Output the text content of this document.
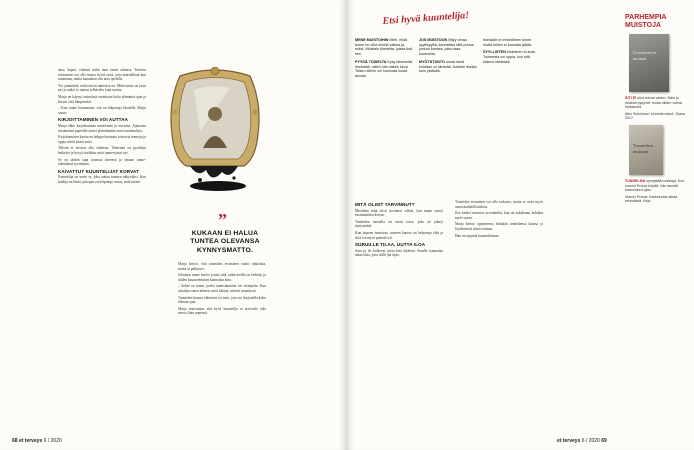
naru, hapeä, vihaistä mikä muu tunne tahansa. Tunteen etsimiseen voi olla monia hyviä syitä, joita muistellaan kun tunnetaan, mutta kannattaa silti aina opetella.

Voi ymmärtää, mikä niissä tunteissa on. Mikä tunne on juuri nyt ja miksi se tuntuu sellaiselta kuin tuntuu.

Marja on käynyt etsimässä tunteitaan koko elämänsä ajan ja kertoo siitä lämpimästi.

– Kun tunne huomataan, sitä on helpompi käsitellä, Marja sanoo.

KIRJOITTAMINEN VOI AUTTAA

Marja alkoi kirjoittamaan tunteistaan jo nuorena. Ajatusten siirtäminen paperille auttoi jäsentämään omia tuntemuksia.

Kirjoittamisen kautta on helppo huomata toistuvia teemoja ja oppia niistä jotain uutta.

Tekstin ei tarvitse olla valmista. Tärkeintä on pysähtyä hetkeksi ja kysyä itseltään, mitä tunnen juuri nyt.

Se on tärkeä tapa tutustua itseensä ja omaan tunne-elämäänsä syvemmin.

KAIVATTUT KUUNTELIJAT KORVAT

Kuuntelija on usein se, joka auttaa tunteen näkyväksi. Kun kuulija on läsnä, puhujan on helpompi sanoa, mitä tuntee.

”
KUKAAN EI HALUA TUNTEA OLEVANSA KYNNYSMATTO.

Marja kertoo, että tunteiden etsiminen vaatii rohkeutta, mutta se palkitsee.

Jokainen tunne kertoo jotain siitä, mikä meille on tärkeää, ja niiden kuunteleminen kannattaa aina.

– Sekin on tunne, jonka tunnistaminen vie eteenpäin. Kun uskaltaa sanoa ääneen, mitä haluaa, suhteet muuttuvat.

Tunteiden kanssa eläminen on taito, jota voi harjoitella koko elämän ajan.

Marja muistuttaa, että hyvä kuuntelija ei arvostele eikä neuvo liian nopeasti.

68 et terveys 6 / 2020
Etsi hyvä kuuntelija!

MENE MUISTOIHIN Mieti, mikä tunne on ollut sinulle vaikea ja miksi. Muistele tilanteita, joissa koit sen.

PYYDÄ TOISELTA Kysy läheiseltä ihmiseltä, miten hän näkee sinut. Toisen silmin voi huomata uusia asioita.

JOS MUISTOON liittyy omaa syyllisyyttä, kannattaa siitä puhua jonkun kanssa, joka osaa kuunnella.

MYÖTÄTUNTO omaa itseä kohtaan on tärkeää. Kohtele itseäsi kuin ystävää.

Itsesääli on inhimillinen tunne, mutta siihen ei kannata jäädä.

SYYLLISTEN etsiminen ei auta. Tunteesta voi oppia, kun sitä katsoo uteliaasti.

MITÄ OLISIT TARVINNUT?

Mietitään mitä olisit tarvinnut silloin, kun tunne syntyi ensimmäisen kerran.

Tunteiden taustalla on usein tarve, joka on jäänyt täyttymättä.

Kun tarpeen tunnistaa, tunteen kanssa on helpompi elää ja siitä voi myös päästää irti.

SURUILLE TILAA, UUTTA ILOA

Suru ja ilo kulkevat usein käsi kädessä. Surulle kannattaa antaa tilaa, jotta ilolle jää sijaa.

Tunteiden etsiminen voi olla raskasta, mutta se avaa myös uusia mahdollisuuksia.

Ilon hetket tuntuvat syvemmiltä, kun on uskaltanut kohdata myös surun.

Marja kertoo oppineensa elämään tunteidensa kanssa ja löytäneensä niistä voimaa.

Hän on oppinut kuuntelemaan.

et terveys 6 / 2020 69
PARHEMPIA MUISTOJA
Unohtuneet
muistot
ÄITI EI ollut minua varten. Näin jo muistot pysyvät, mutta niiden voima heikkenee.
Alex Schulman: Unohda minut. Otava 2017.
Tunnelma
muistoja
TUNNELMA synnyttää muistoja. Kun marcel Proust kirjoitti, hän tavoitti kadonneen ajan.
Marcel Proust: Kadonnutta aikaa etsimässä. Kirjo.
